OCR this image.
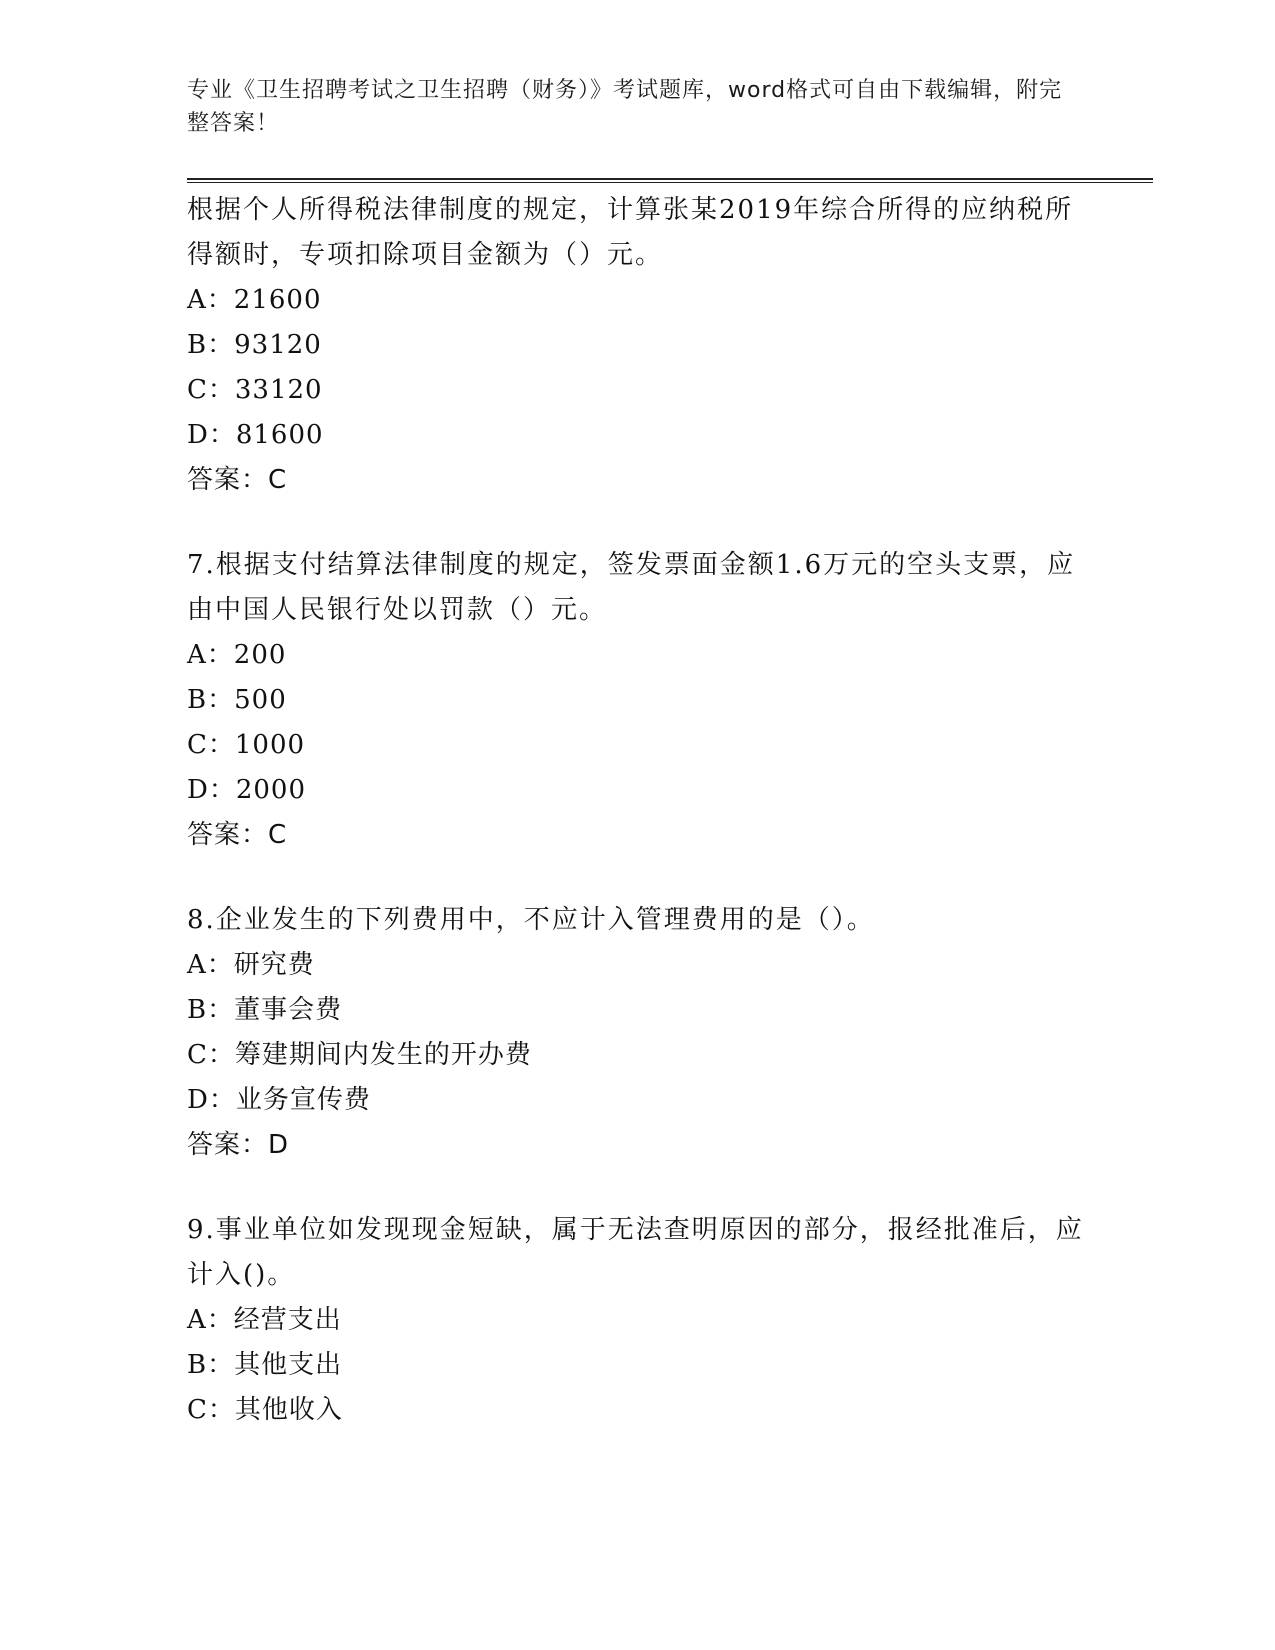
专业《卫生招聘考试之卫生招聘（财务）》考试题库，word格式可自由下载编辑，附完整答案！
根据个人所得税法律制度的规定，计算张某2019年综合所得的应纳税所得额时，专项扣除项目金额为（）元。
A：21600
B：93120
C：33120
D：81600
答案：C
7.根据支付结算法律制度的规定，签发票面金额1.6万元的空头支票，应由中国人民银行处以罚款（）元。
A：200
B：500
C：1000
D：2000
答案：C
8.企业发生的下列费用中，不应计入管理费用的是（）。
A：研究费
B：董事会费
C：筹建期间内发生的开办费
D：业务宣传费
答案：D
9.事业单位如发现现金短缺，属于无法查明原因的部分，报经批准后，应计入()。
A：经营支出
B：其他支出
C：其他收入
